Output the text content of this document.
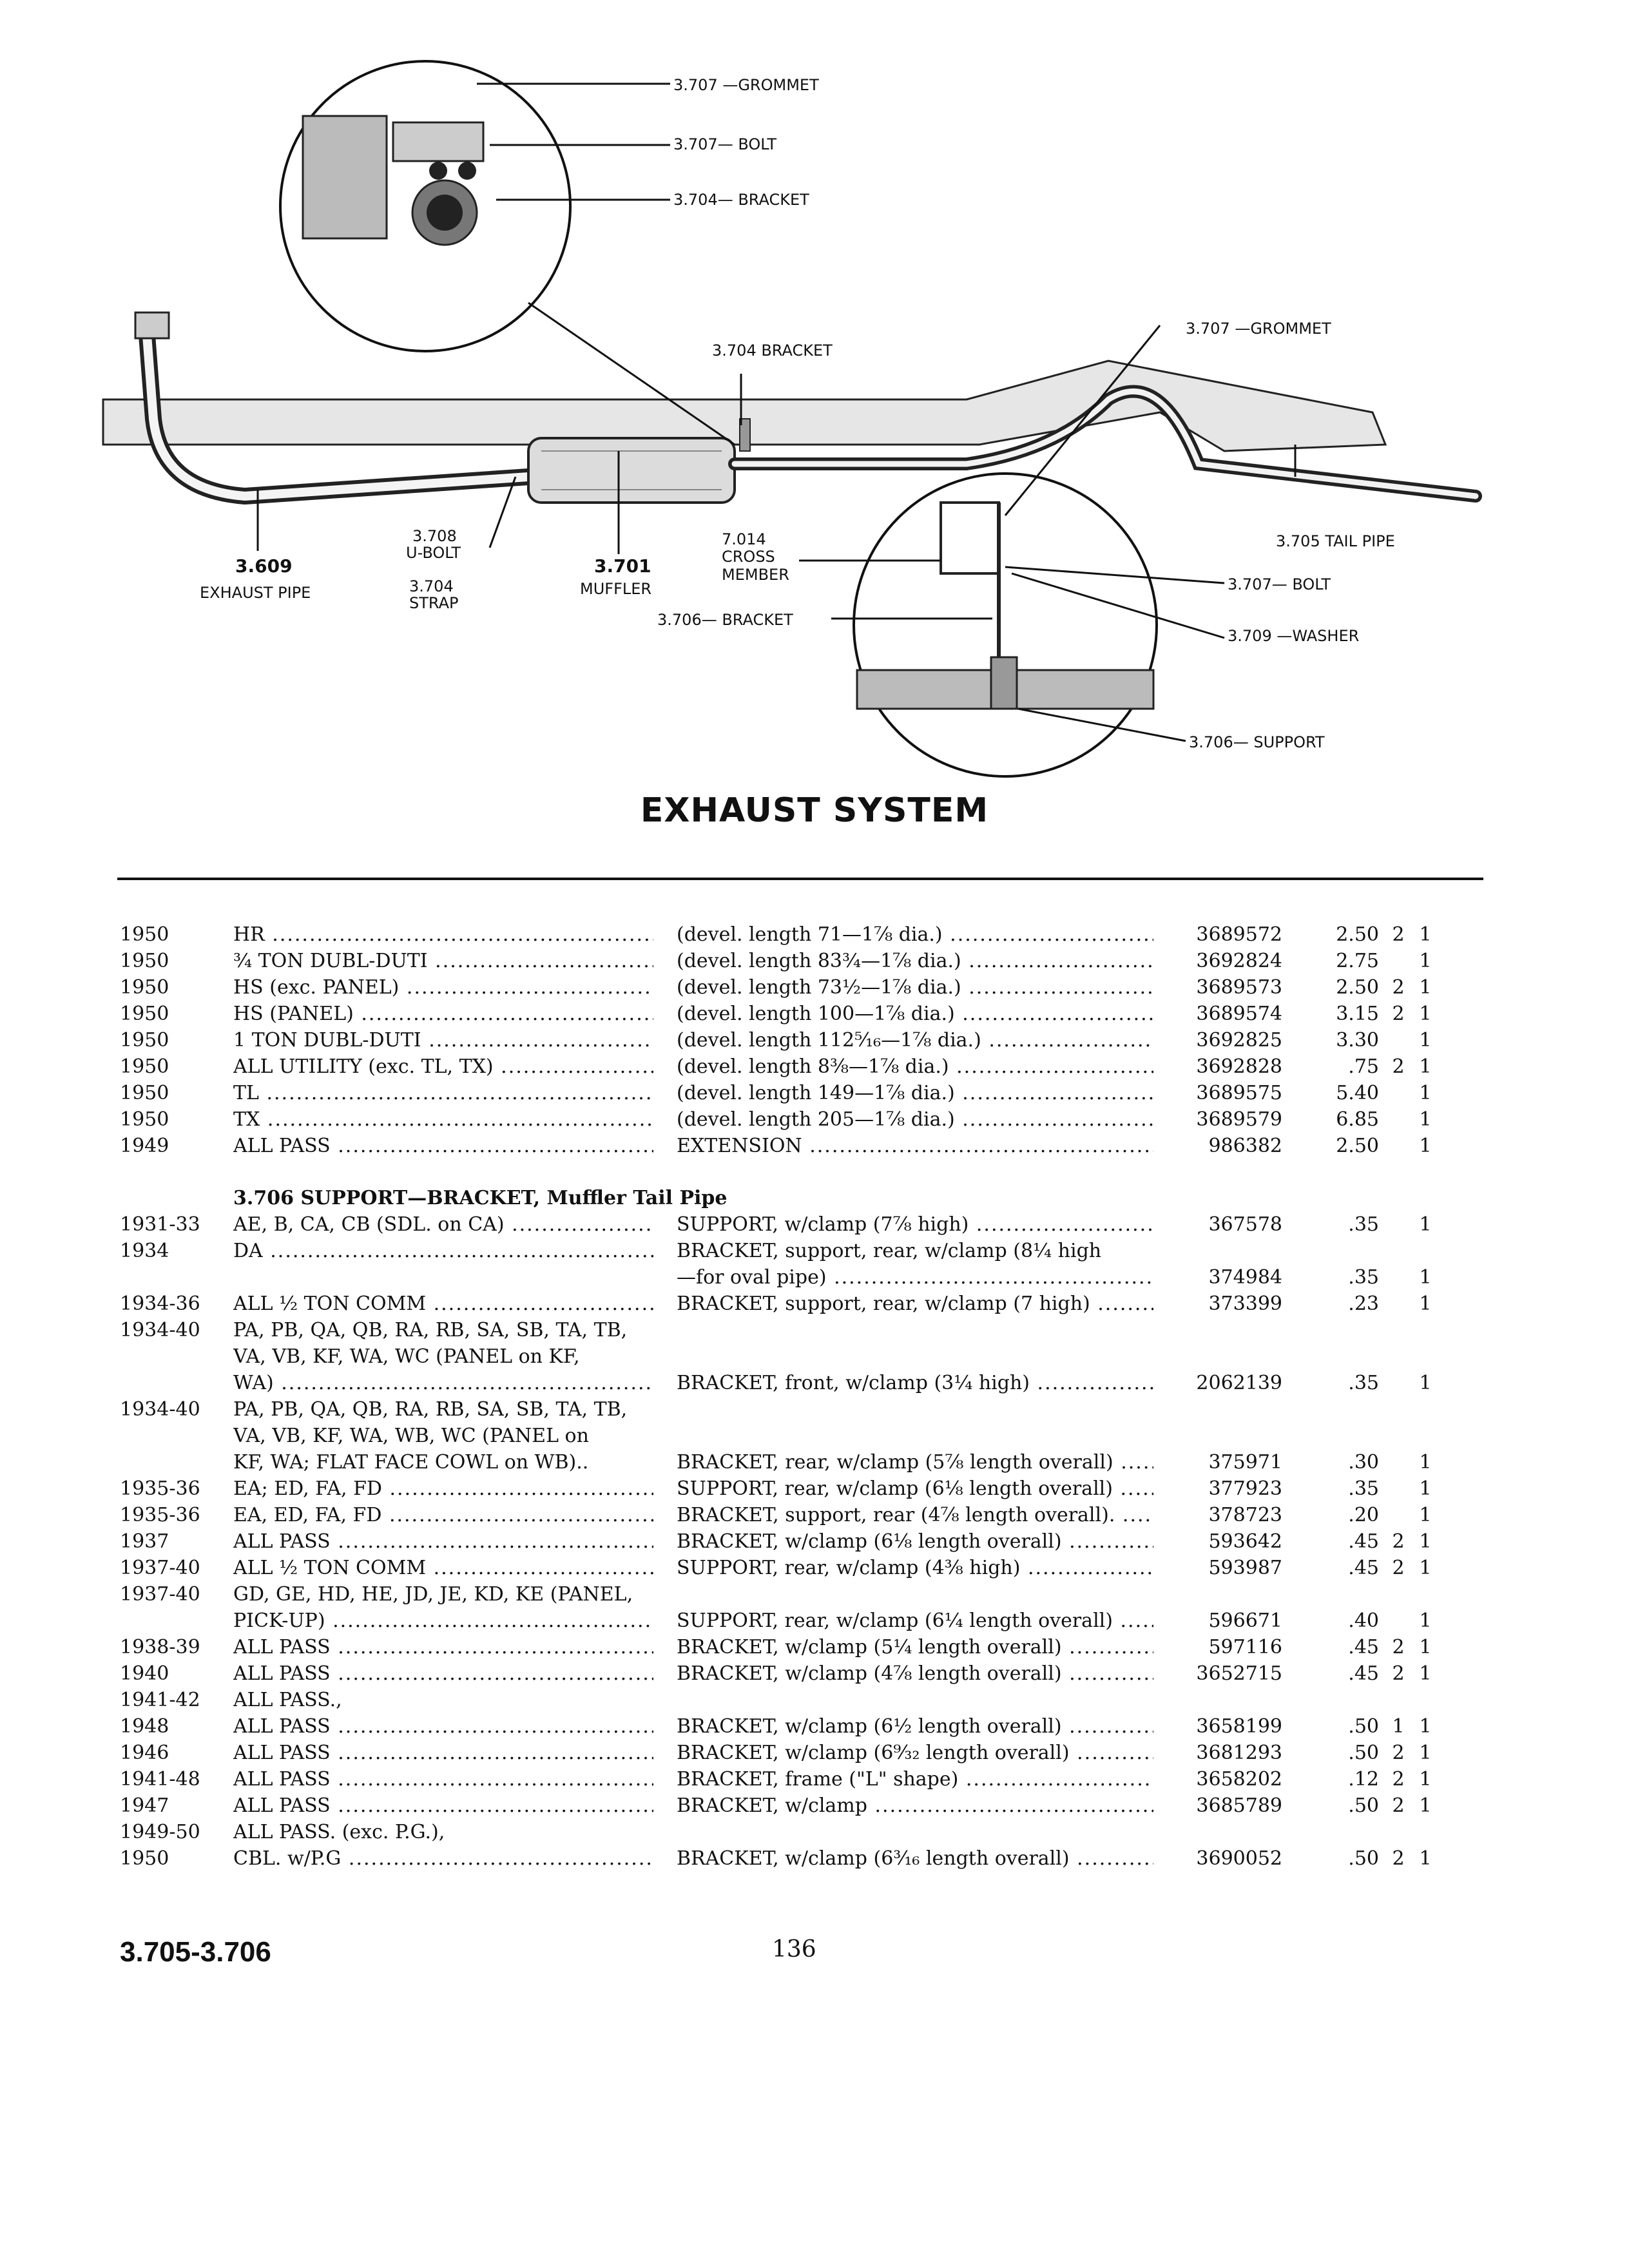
3.707 —GROMMET
3.707— BOLT
3.704— BRACKET
3.704 BRACKET
3.707 —GROMMET
3.705 TAIL PIPE
3.707— BOLT
3.709 —WASHER
3.706— SUPPORT
3.609
EXHAUST PIPE
3.708
U-BOLT
3.704
STRAP
3.701
MUFFLER
7.014
CROSS
MEMBER
3.706— BRACKET
EXHAUST SYSTEM
1950	HR .....	(devel. length 71—1⅞ dia.) .....	3689572	2.50 2 1
1950	¾ TON DUBL-DUTI .....	(devel. length 83¾—1⅞ dia.) .....	3692824	2.75	1
1950	HS (exc. PANEL) .....	(devel. length 73½—1⅞ dia.) .....	3689573	2.50 2 1
1950	HS (PANEL) .....	(devel. length 100—1⅞ dia.) .....	3689574	3.15 2 1
1950	1 TON DUBL-DUTI .....	(devel. length 112⁵⁄₁₆—1⅞ dia.) .....	3692825	3.30	1
1950	ALL UTILITY (exc. TL, TX) .....	(devel. length 8⅜—1⅞ dia.) .....	3692828	.75 2 1
1950	TL .....	(devel. length 149—1⅞ dia.) .....	3689575	5.40	1
1950	TX .....	(devel. length 205—1⅞ dia.) .....	3689579	6.85	1
1949	ALL PASS .....	EXTENSION .....	986382	2.50	1
3.706 SUPPORT—BRACKET, Muffler Tail Pipe
1931-33	AE, B, CA, CB (SDL. on CA) .....	SUPPORT, w/clamp (7⅞ high) .....	367578	.35	1
1934	DA .....	BRACKET, support, rear, w/clamp (8¼ high
—for oval pipe) .....	374984	.35	1
1934-36	ALL ½ TON COMM .....	BRACKET, support, rear, w/clamp (7 high) .....	373399	.23	1
1934-40	PA, PB, QA, QB, RA, RB, SA, SB, TA, TB,
VA, VB, KF, WA, WC (PANEL on KF,
WA) .....	BRACKET, front, w/clamp (3¼ high) .....	2062139	.35	1
1934-40	PA, PB, QA, QB, RA, RB, SA, SB, TA, TB,
VA, VB, KF, WA, WB, WC (PANEL on
KF, WA; FLAT FACE COWL on WB)..	BRACKET, rear, w/clamp (5⅞ length overall) .....	375971	.30	1
1935-36	EA; ED, FA, FD .....	SUPPORT, rear, w/clamp (6⅛ length overall) .....	377923	.35	1
1935-36	EA, ED, FA, FD .....	BRACKET, support, rear (4⅞ length overall). .....	378723	.20	1
1937	ALL PASS .....	BRACKET, w/clamp (6⅛ length overall) .....	593642	.45 2 1
1937-40	ALL ½ TON COMM .....	SUPPORT, rear, w/clamp (4³⁄₈ high) .....	593987	.45 2 1
1937-40	GD, GE, HD, HE, JD, JE, KD, KE (PANEL,
PICK-UP) .....	SUPPORT, rear, w/clamp (6¼ length overall) .....	596671	.40	1
1938-39	ALL PASS .....	BRACKET, w/clamp (5¼ length overall) .....	597116	.45 2 1
1940	ALL PASS .....	BRACKET, w/clamp (4⅞ length overall) .....	3652715	.45 2 1
1941-42	ALL PASS.,
1948	ALL PASS .....	BRACKET, w/clamp (6½ length overall) .....	3658199	.50 1 1
1946	ALL PASS .....	BRACKET, w/clamp (6⁹⁄₃₂ length overall) .....	3681293	.50 2 1
1941-48	ALL PASS .....	BRACKET, frame ("L" shape) .....	3658202	.12 2 1
1947	ALL PASS .....	BRACKET, w/clamp .....	3685789	.50 2 1
1949-50	ALL PASS. (exc. P.G.),
1950	CBL. w/P.G .....	BRACKET, w/clamp (6³⁄₁₆ length overall) .....	3690052	.50 2 1
3.705-3.706	136
